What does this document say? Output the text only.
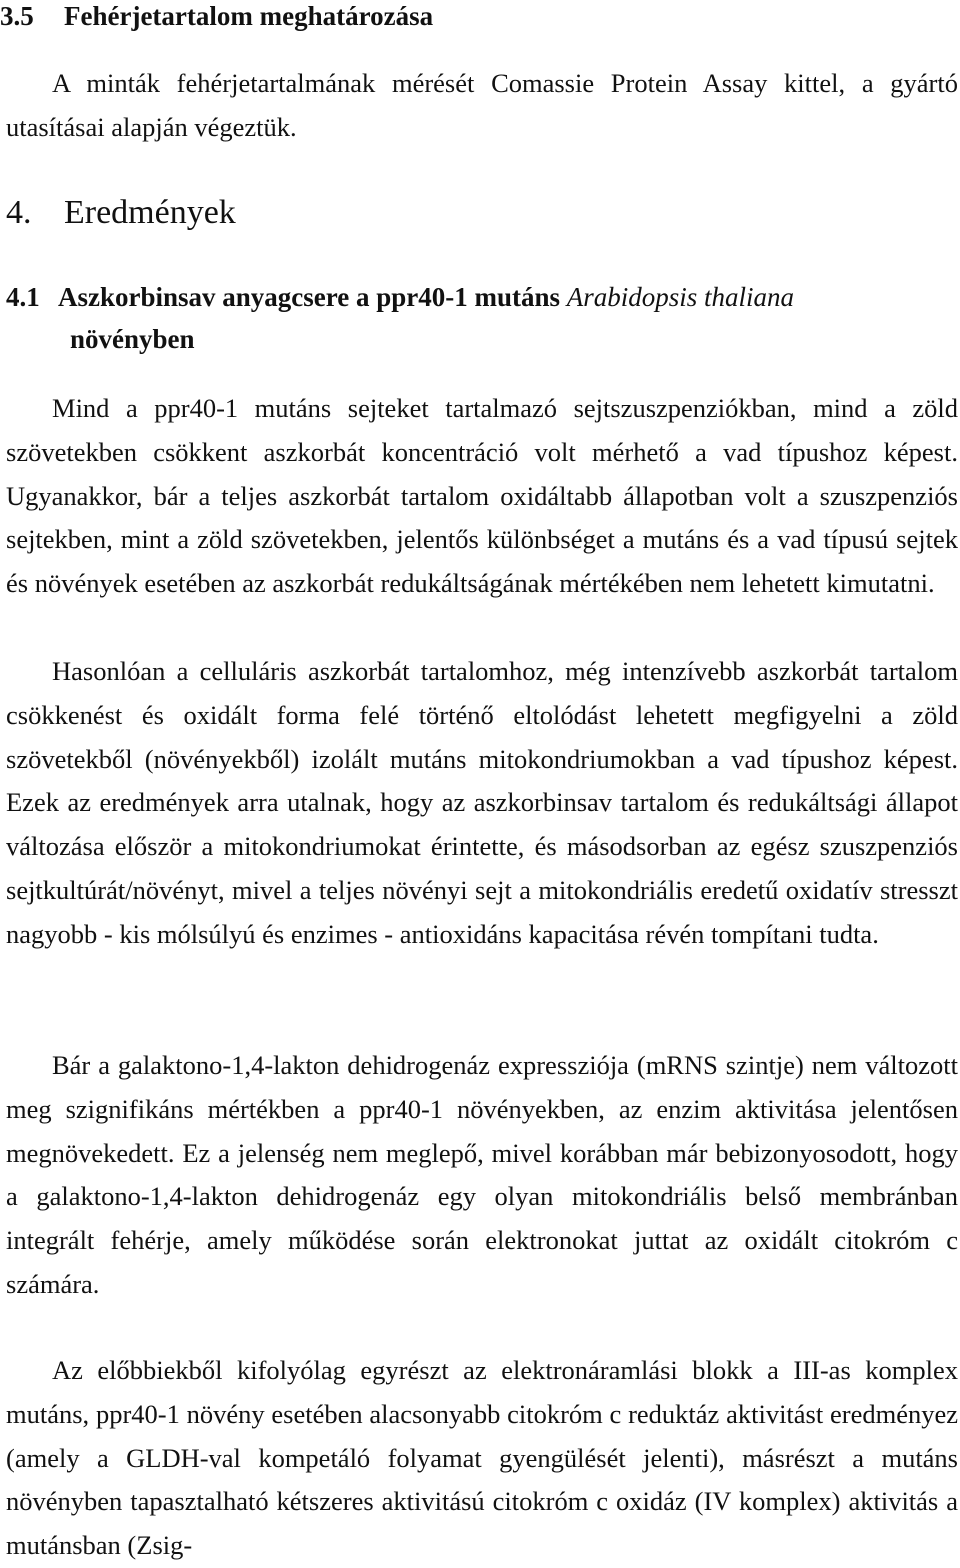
3.5 Fehérjetartalom meghatározása

A minták fehérjetartalmának mérését Comassie Protein Assay kittel, a gyártó utasításai alapján végeztük.

4. Eredmények
4.1 Aszkorbinsav anyagcsere a ppr40-1 mutáns Arabidopsis thaliana
növényben

Mind a ppr40-1 mutáns sejteket tartalmazó sejtszuszpenziókban, mind a zöld szövetekben csökkent aszkorbát koncentráció volt mérhető a vad típushoz képest. Ugyanakkor, bár a teljes aszkorbát tartalom oxidáltabb állapotban volt a szuszpenziós sejtekben, mint a zöld szövetekben, jelentős különbséget a mutáns és a vad típusú sejtek és növények esetében az aszkorbát redukáltságának mértékében nem lehetett kimutatni.

Hasonlóan a celluláris aszkorbát tartalomhoz, még intenzívebb aszkorbát tartalom csökkenést és oxidált forma felé történő eltolódást lehetett megfigyelni a zöld szövetekből (növényekből) izolált mutáns mitokondriumokban a vad típushoz képest. Ezek az eredmények arra utalnak, hogy az aszkorbinsav tartalom és redukáltsági állapot változása először a mitokondriumokat érintette, és másodsorban az egész szuszpenziós sejtkultúrát/növényt, mivel a teljes növényi sejt a mitokondriális eredetű oxidatív stresszt nagyobb - kis mólsúlyú és enzimes - antioxidáns kapacitása révén tompítani tudta.

Bár a galaktono-1,4-lakton dehidrogenáz expressziója (mRNS szintje) nem változott meg szignifikáns mértékben a ppr40-1 növényekben, az enzim aktivitása jelentősen megnövekedett. Ez a jelenség nem meglepő, mivel korábban már bebizonyosodott, hogy a galaktono-1,4-lakton dehidrogenáz egy olyan mitokondriális belső membránban integrált fehérje, amely működése során elektronokat juttat az oxidált citokróm c számára.

Az előbbiekből kifolyólag egyrészt az elektronáramlási blokk a III-as komplex mutáns, ppr40-1 növény esetében alacsonyabb citokróm c reduktáz aktivitást eredményez (amely a GLDH-val kompetáló folyamat gyengülését jelenti), másrészt a mutáns növényben tapasztalható kétszeres aktivitású citokróm c oxidáz (IV komplex) aktivitás a mutánsban (Zsig-
